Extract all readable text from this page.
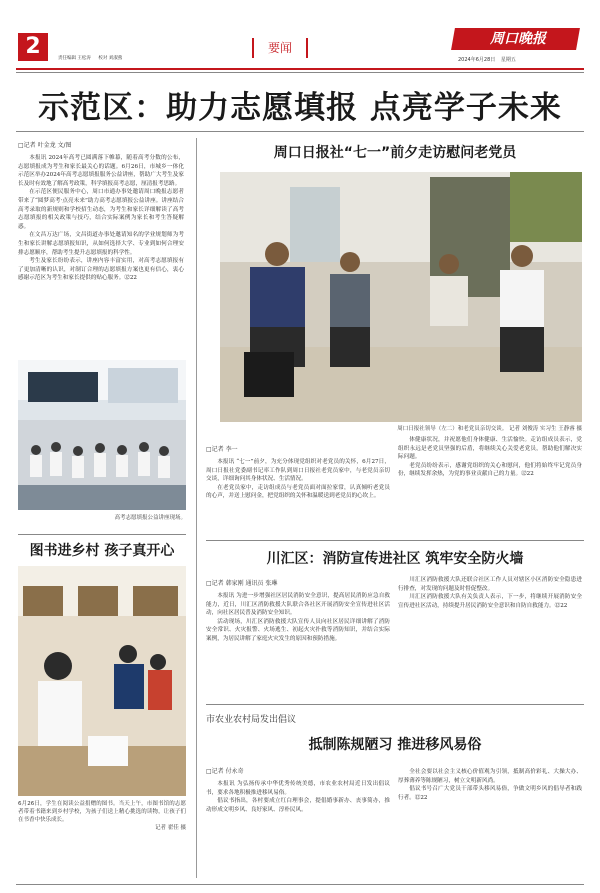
2	责任编辑 王松涛 校对 刘淑燕
要闻
周口晚报
2024年6月28日 星期五
示范区：助力志愿填报 点亮学子未来
□记者 叶金龙 文/图

本报讯 2024年高考已圆满落下帷幕，随着高考分数的公布，志愿填报成为考生和家长最关心的话题。6月26日，市城乡一体化示范区举办2024年高考志愿填报服务公益讲座，帮助广大考生及家长及时有效地了解高考政策，科学填报高考志愿，厘清报考思路。

在示范区便民服务中心，周口市通办事处邀请周口晚报志愿者带来了“圆梦高考·点亮未来”助力高考志愿填报公益讲座。讲座结合高考录取的新规则和学校招生动态，为考生和家长详细解读了高考志愿填报的相关政策与技巧，结合实际案例为家长和考生答疑解惑。

在文昌万达广场，文昌街道办事处邀请知名的学业规划师为考生和家长讲解志愿填报知识，从如何选择大学、专业到如何合理安排志愿顺序，帮助考生提升志愿填报的科学性。

考生及家长纷纷表示，讲座内容丰富实用，对高考志愿填报有了更加清晰的认识，对制订合理的志愿填报方案也更有信心，衷心感谢示范区为考生和家长提供的贴心服务。⑫22

高考志愿填报公益讲座现场。
图书进乡村 孩子真开心
6月26日，学生在阅读公益捐赠的图书。当天上午，市图书馆的志愿者带着书籍来到乡村学校，为孩子们送上精心挑选的读物，让孩子们在书香中快乐成长。
记者 翟佳 摄
周口日报社“七一”前夕走访慰问老党员
周口日报社领导（左二）和老党员亲切交谈。 记者 刘俊涛 实习生 王静睿 摄
□记者 李一

本报讯 “七一”前夕，为充分体现党组织对老党员的关怀，6月27日，周口日报社党委副书记率工作队到周口日报社老党员家中，与老党员亲切交谈，详细询问其身体状况、生活情况。

在老党员家中，走访组成员与老党员面对面拉家常，认真倾听老党员的心声，并送上慰问金，把党组织的关怀和温暖送到老党员的心坎上。

体健康状况，并祝愿他们身体健康、生活愉快。走访组成员表示，党组织永远是老党员坚强的后盾，将继续关心关爱老党员，帮助他们解决实际问题。

老党员纷纷表示，感谢党组织的关心和慰问，他们将始终牢记党员身份，继续发挥余热，为党的事业贡献自己的力量。⑫22

川汇区：消防宣传进社区 筑牢安全防火墙
□记者 韩家刚 通讯员 张琳

本报讯 为进一步增强社区居民消防安全意识，提高居民消防应急自救能力，近日，川汇区消防救援大队联合各社区开展消防安全宣传进社区活动，向社区居民普及消防安全知识。

活动现场，川汇区消防救援大队宣传人员向社区居民详细讲解了消防安全常识、火灾报警、火场逃生、初起火灾扑救等消防知识，并结合实际案例，为居民讲解了家庭火灾发生的原因和预防措施。

川汇区消防救援大队还联合社区工作人员对辖区小区消防安全隐患进行排查，对发现的问题及时督促整改。

川汇区消防救援大队有关负责人表示，下一步，将继续开展消防安全宣传进社区活动，持续提升居民消防安全意识和自防自救能力。⑫22

市农业农村局发出倡议
抵制陈规陋习 推进移风易俗
□记者 付永奇

本报讯 为弘扬传承中华优秀传统美德，市农业农村局近日发出倡议书，要求各地积极推进移风易俗。

倡议书指出，各村要成立红白理事会，提倡婚事新办、丧事简办，推动形成文明乡风、良好家风、淳朴民风。

全社会要以社会主义核心价值观为引领，抵制高价彩礼、大操大办、厚葬薄养等陈规陋习，树立文明新风尚。

倡议书号召广大党员干部带头移风易俗，争做文明乡风的倡导者和践行者。⑫22
